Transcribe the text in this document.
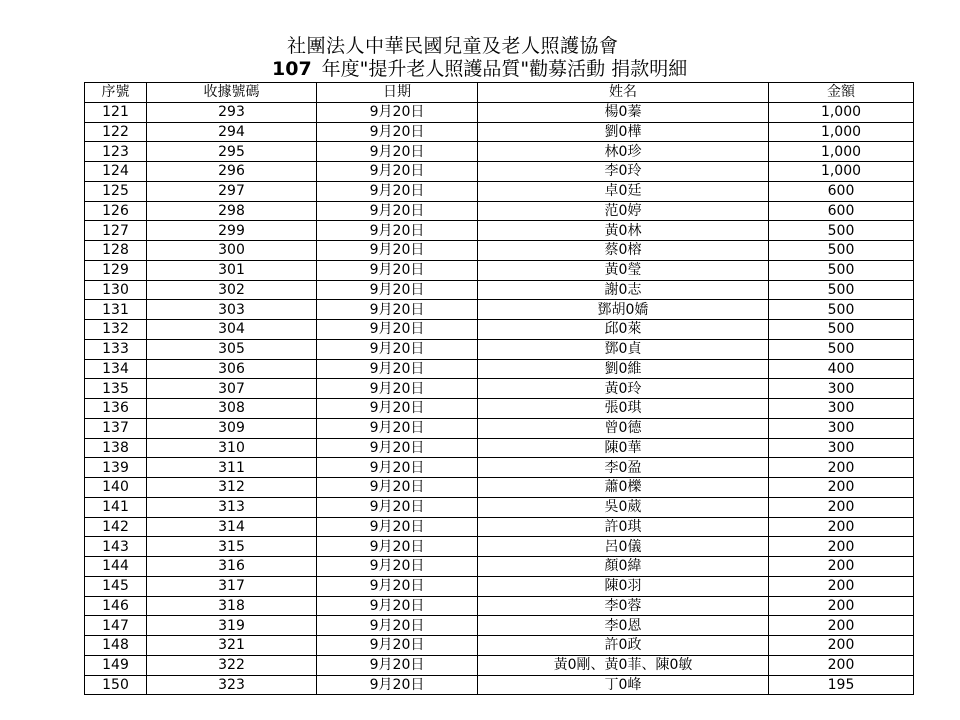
社團法人中華民國兒童及老人照護協會
107 年度"提升老人照護品質"勸募活動 捐款明細
序號	收據號碼	日期	姓名	金額
121	293	9月20日	楊0蓁	1,000
122	294	9月20日	劉0樺	1,000
123	295	9月20日	林0珍	1,000
124	296	9月20日	李0玲	1,000
125	297	9月20日	卓0廷	600
126	298	9月20日	范0婷	600
127	299	9月20日	黃0林	500
128	300	9月20日	蔡0榕	500
129	301	9月20日	黃0瑩	500
130	302	9月20日	謝0志	500
131	303	9月20日	鄧胡0嬌	500
132	304	9月20日	邱0萊	500
133	305	9月20日	鄧0貞	500
134	306	9月20日	劉0維	400
135	307	9月20日	黃0玲	300
136	308	9月20日	張0琪	300
137	309	9月20日	曾0德	300
138	310	9月20日	陳0華	300
139	311	9月20日	李0盈	200
140	312	9月20日	蕭0櫟	200
141	313	9月20日	吳0葳	200
142	314	9月20日	許0琪	200
143	315	9月20日	呂0儀	200
144	316	9月20日	顏0緯	200
145	317	9月20日	陳0羽	200
146	318	9月20日	李0蓉	200
147	319	9月20日	李0恩	200
148	321	9月20日	許0政	200
149	322	9月20日	黃0剛、黃0菲、陳0敏	200
150	323	9月20日	丁0峰	195
